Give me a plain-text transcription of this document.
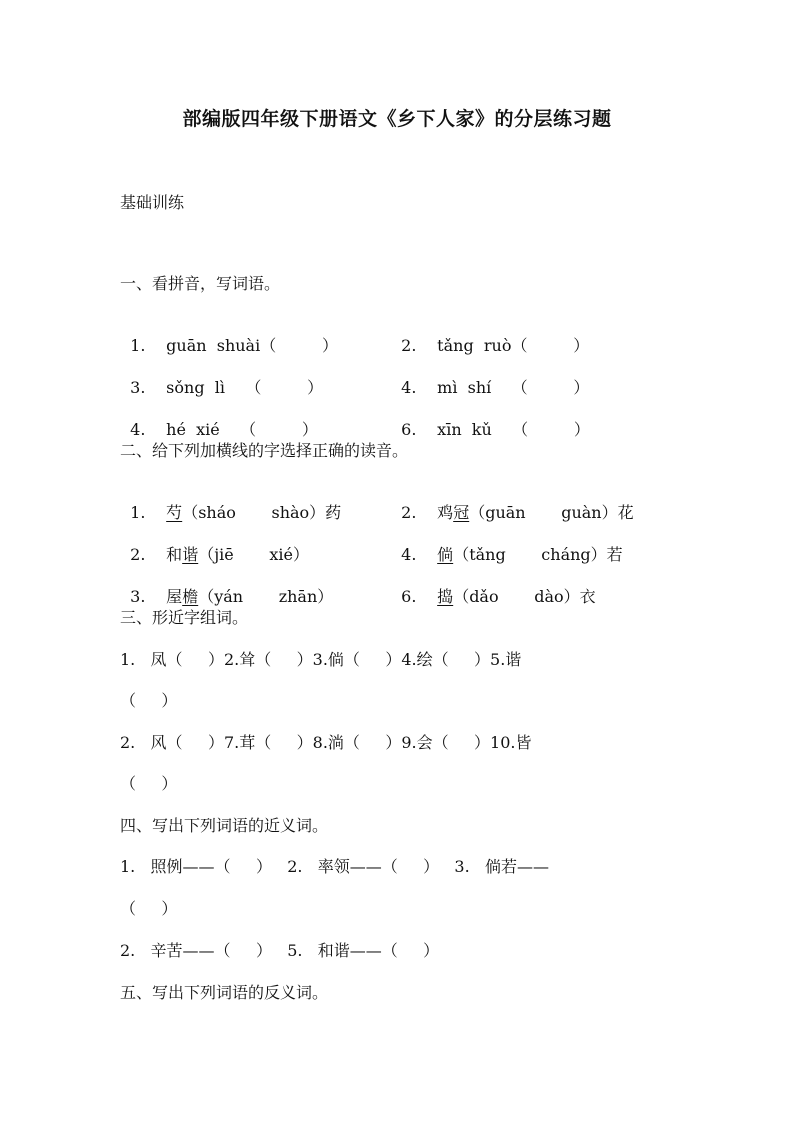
部编版四年级下册语文《乡下人家》的分层练习题
基础训练
一、看拼音，写词语。

1. guān  shuài（         ）	2. tǎng  ruò（         ）

3. sǒng  lì    （         ）	4. mì  shí    （         ）

4. hé  xié    （         ）	6. xīn  kǔ    （         ）

二、给下列加横线的字选择正确的读音。

1. 芍（sháo       shào）药	2. 鸡冠（guān       guàn）花

2. 和谐（jiē       xié）	4. 倘（tǎng       cháng）若

3. 屋檐（yán       zhān）	6. 捣（dǎo       dào）衣

三、形近字组词。
1.   凤（     ）2.耸（     ）3.倘（     ）4.绘（     ）5.谐
（     ）
2.   风（     ）7.茸（     ）8.淌（     ）9.会（     ）10.皆
（     ）
四、写出下列词语的近义词。
1.   照例——（     ）   2.   率领——（     ）   3.   倘若——
（     ）
2.   辛苦——（     ）   5.   和谐——（     ）
五、写出下列词语的反义词。
